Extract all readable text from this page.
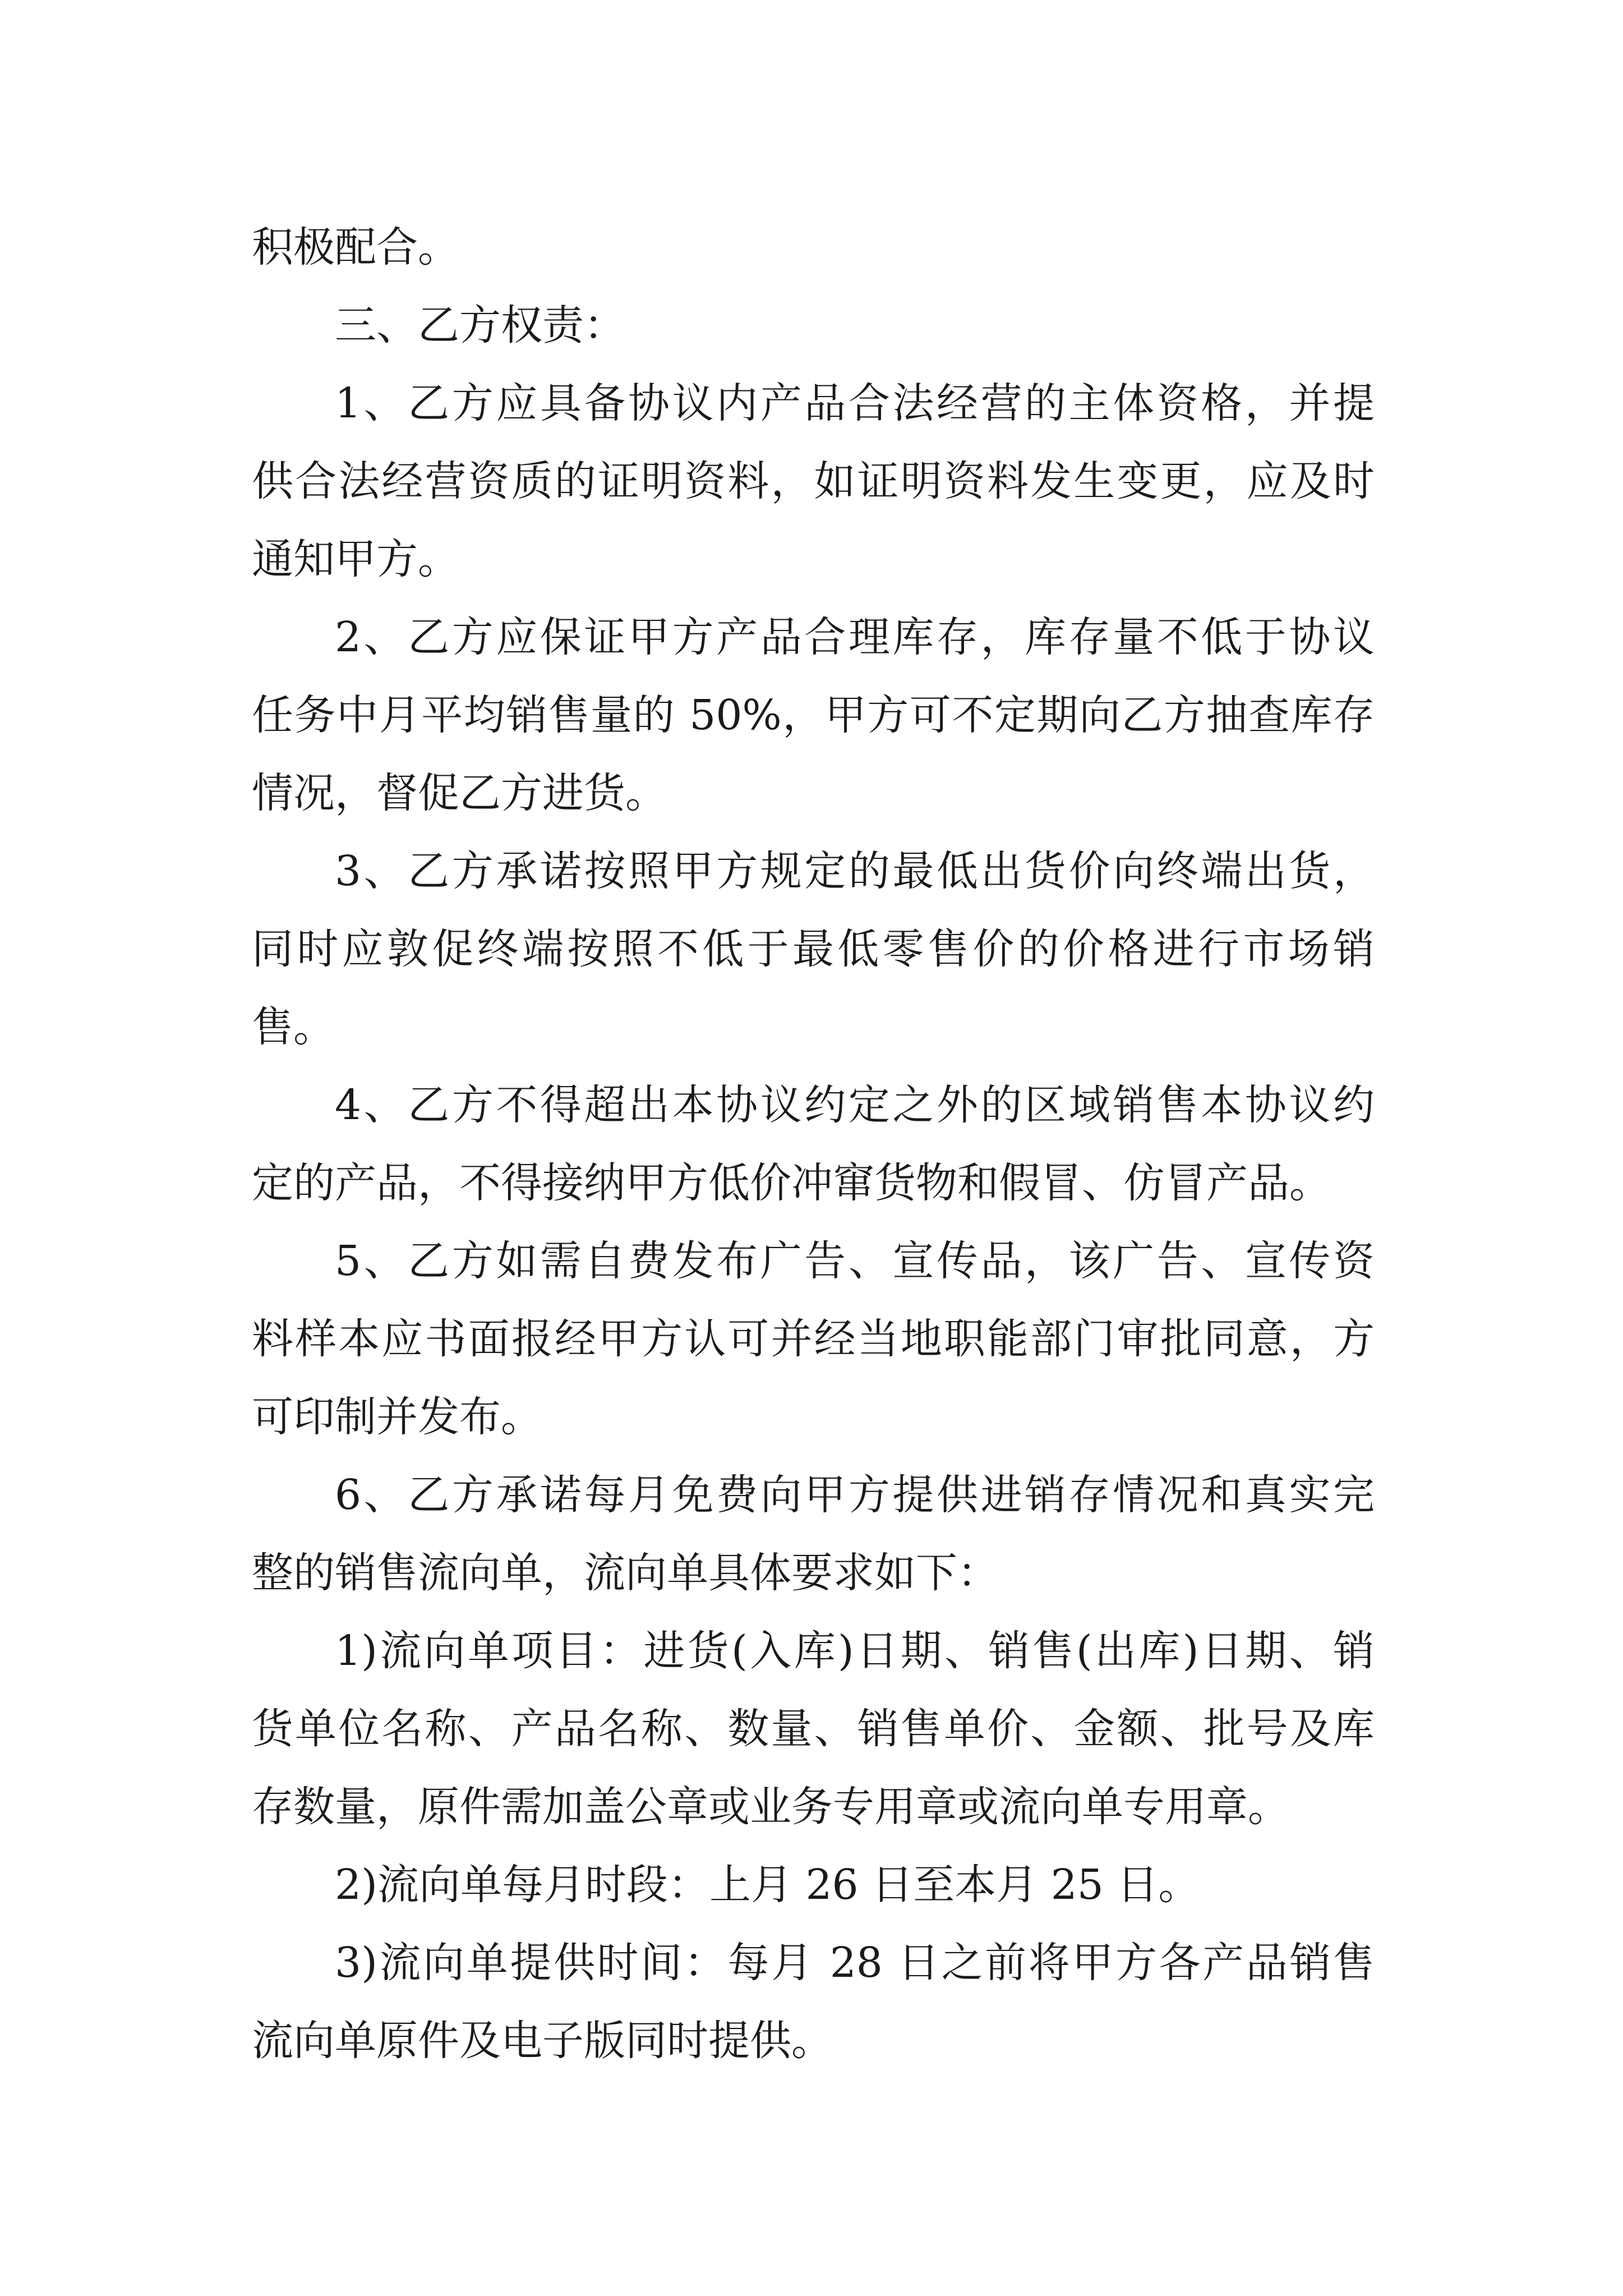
积极配合。
三、乙方权责：
1、乙方应具备协议内产品合法经营的主体资格，并提
供合法经营资质的证明资料，如证明资料发生变更，应及时
通知甲方。
2、乙方应保证甲方产品合理库存，库存量不低于协议
任务中月平均销售量的 50%，甲方可不定期向乙方抽查库存
情况，督促乙方进货。
3、乙方承诺按照甲方规定的最低出货价向终端出货，
同时应敦促终端按照不低于最低零售价的价格进行市场销
售。
4、乙方不得超出本协议约定之外的区域销售本协议约
定的产品，不得接纳甲方低价冲窜货物和假冒、仿冒产品。
5、乙方如需自费发布广告、宣传品，该广告、宣传资
料样本应书面报经甲方认可并经当地职能部门审批同意，方
可印制并发布。
6、乙方承诺每月免费向甲方提供进销存情况和真实完
整的销售流向单，流向单具体要求如下：
1)流向单项目：进货(入库)日期、销售(出库)日期、销
货单位名称、产品名称、数量、销售单价、金额、批号及库
存数量，原件需加盖公章或业务专用章或流向单专用章。
2)流向单每月时段：上月 26 日至本月 25 日。
3)流向单提供时间：每月 28 日之前将甲方各产品销售
流向单原件及电子版同时提供。
